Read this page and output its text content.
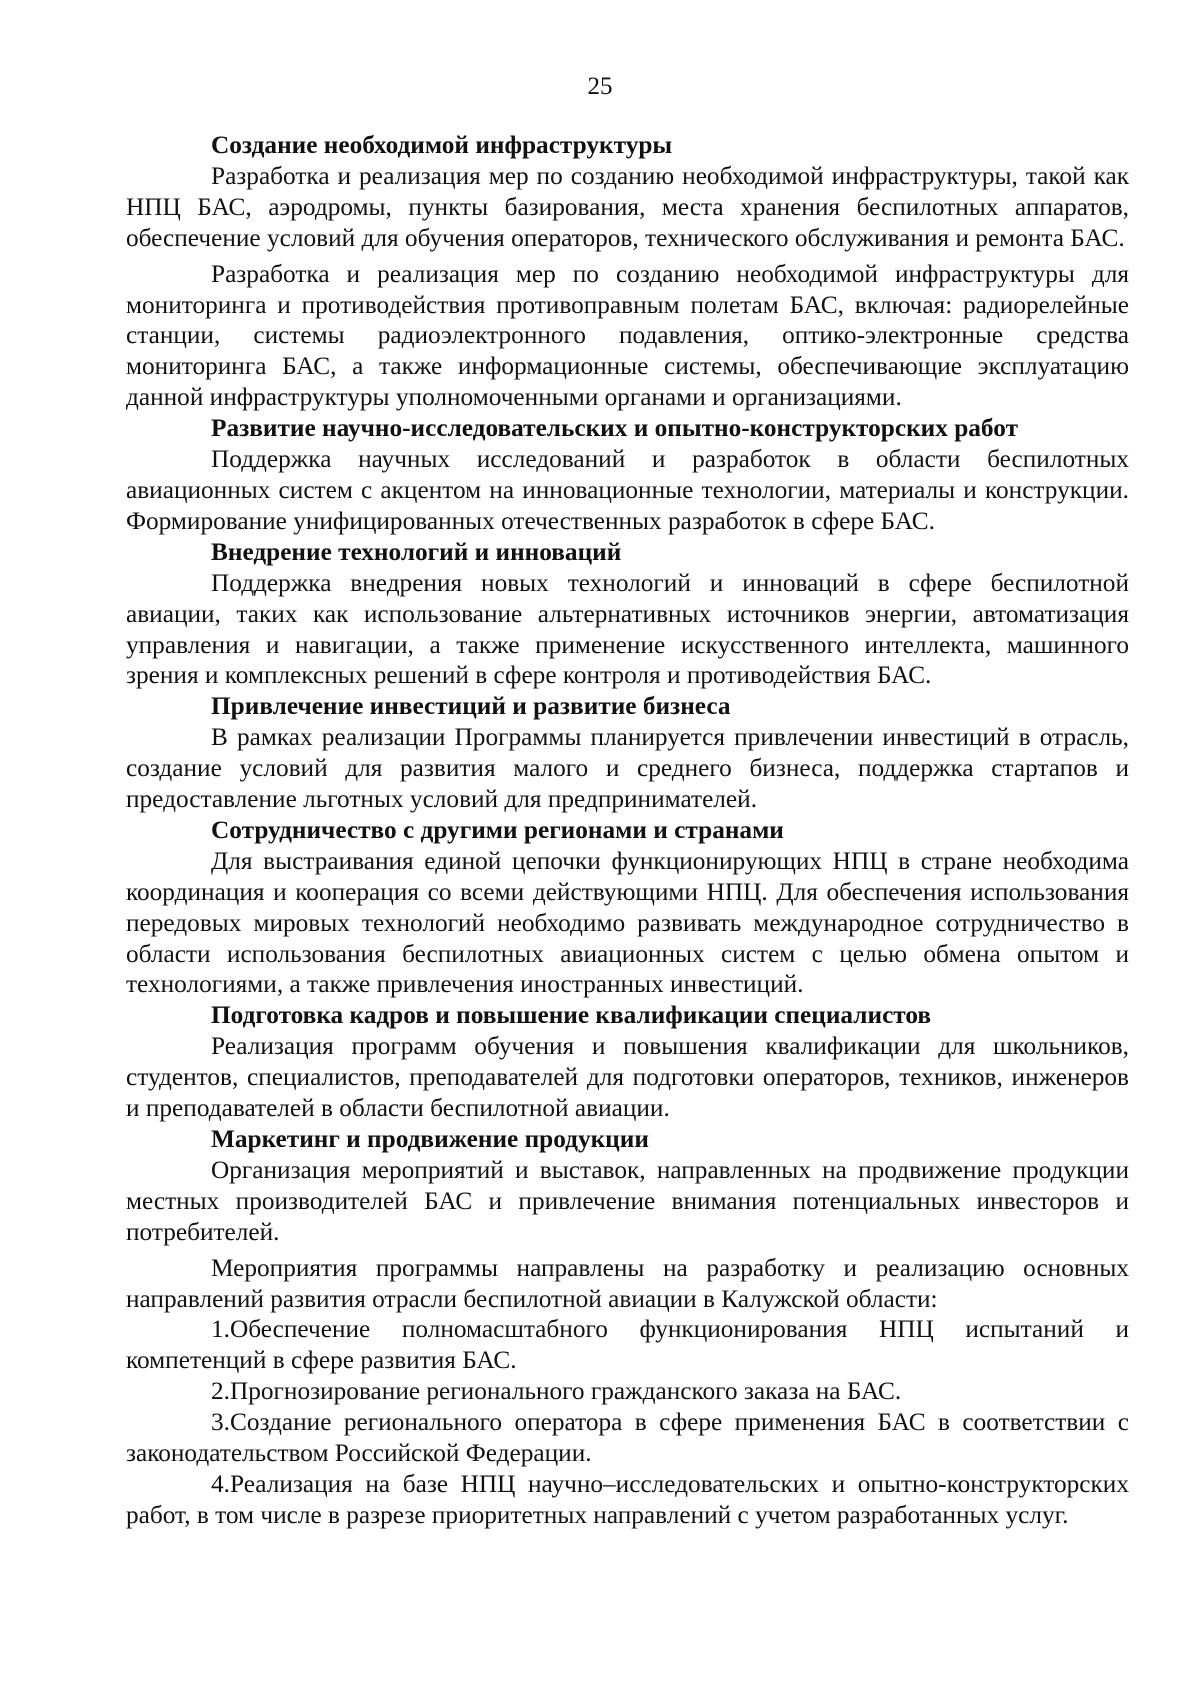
25
Создание необходимой инфраструктуры

Разработка и реализация мер по созданию необходимой инфраструктуры, такой как НПЦ БАС, аэродромы, пункты базирования, места хранения беспилотных аппаратов, обеспечение условий для обучения операторов, технического обслуживания и ремонта БАС.

Разработка и реализация мер по созданию необходимой инфраструктуры для мониторинга и противодействия противоправным полетам БАС, включая: радиорелейные станции, системы радиоэлектронного подавления, оптико-электронные средства мониторинга БАС, а также информационные системы, обеспечивающие эксплуатацию данной инфраструктуры уполномоченными органами и организациями.

Развитие научно-исследовательских и опытно-конструкторских работ

Поддержка научных исследований и разработок в области беспилотных авиационных систем с акцентом на инновационные технологии, материалы и конструкции. Формирование унифицированных отечественных разработок в сфере БАС.

Внедрение технологий и инноваций

Поддержка внедрения новых технологий и инноваций в сфере беспилотной авиации, таких как использование альтернативных источников энергии, автоматизация управления и навигации, а также применение искусственного интеллекта, машинного зрения и комплексных решений в сфере контроля и противодействия БАС.

Привлечение инвестиций и развитие бизнеса

В рамках реализации Программы планируется привлечении инвестиций в отрасль, создание условий для развития малого и среднего бизнеса, поддержка стартапов и предоставление льготных условий для предпринимателей.

Сотрудничество с другими регионами и странами

Для выстраивания единой цепочки функционирующих НПЦ в стране необходима координация и кооперация со всеми действующими НПЦ. Для обеспечения использования передовых мировых технологий необходимо развивать международное сотрудничество в области использования беспилотных авиационных систем с целью обмена опытом и технологиями, а также привлечения иностранных инвестиций.

Подготовка кадров и повышение квалификации специалистов

Реализация программ обучения и повышения квалификации для школьников, студентов, специалистов, преподавателей для подготовки операторов, техников, инженеров и преподавателей в области беспилотной авиации.

Маркетинг и продвижение продукции

Организация мероприятий и выставок, направленных на продвижение продукции местных производителей БАС и привлечение внимания потенциальных инвесторов и потребителей.

Мероприятия программы направлены на разработку и реализацию основных направлений развития отрасли беспилотной авиации в Калужской области:

1.Обеспечение полномасштабного функционирования НПЦ испытаний и компетенций в сфере развития БАС.

2.Прогнозирование регионального гражданского заказа на БАС.

3.Создание регионального оператора в сфере применения БАС в соответствии с законодательством Российской Федерации.

4.Реализация на базе НПЦ научно–исследовательских и опытно-конструкторских работ, в том числе в разрезе приоритетных направлений с учетом разработанных услуг.
